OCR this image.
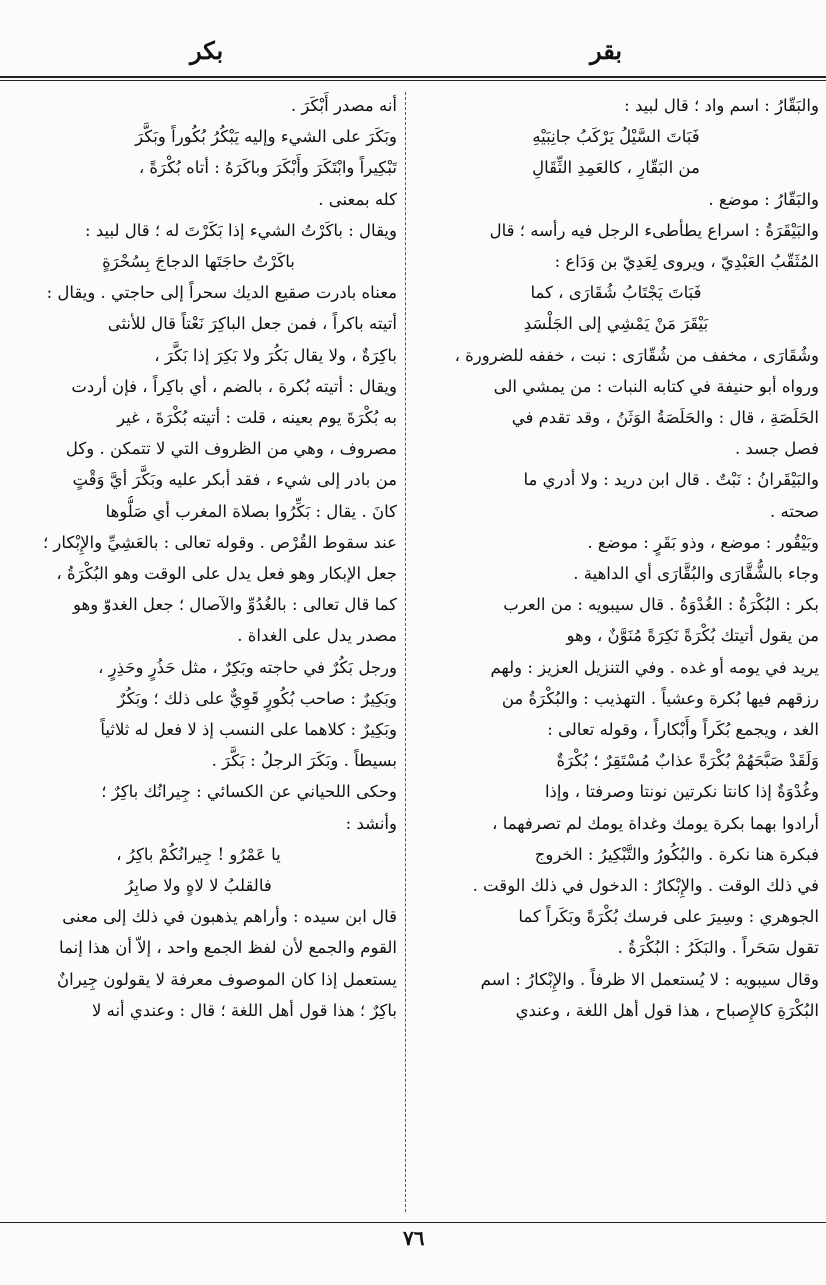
بقر
بكر
والبَقّارُ : اسم واد ؛ قال لبيد :
فَبَاتَ السَّيْلُ يَرْكَبُ جانِبَيْهِ
من البَقّارِ ، كالعَمِدِ الثِّقَالِ
والبَقّارُ : موضع .
والبَيْقَرَةُ : اسراع يطأطىء الرجل فيه رأسه ؛ قال
المُثَقّبُ العَبْدِيّ ، ويروى لِعَدِيّ بن وَدَاع :
فَبَاتَ يَجْتَابُ شُقَارَى ، كما
بَيْقَرَ مَنْ يَمْشِي إلى الجَلْسَدِ
وشُقَارَى ، مخفف من شُقّارَى : نبت ، خففه للضرورة ،
ورواه أبو حنيفة في كتابه النبات : من يمشي الى
الحَلَصَةِ ، قال : والحَلَصَةُ الوَثَنُ ، وقد تقدم في
فصل جسد .
والبَيْقَرانُ : نَبْتٌ . قال ابن دريد : ولا أدري ما
صحته .
وبَيْقُور : موضع ، وذو بَقَرٍ : موضع .
وجاء بالشُّقَّارَى والبُقَّارَى أي الداهية .
بكر : البُكْرَةُ : الغُدْوَةُ . قال سيبويه : من العرب
من يقول أتيتك بُكْرَةً نَكِرَةً مُنَوَّنٌ ، وهو
يريد في يومه أو غده . وفي التنزيل العزيز : ولهم
رزقهم فيها بُكرة وعشياً . التهذيب : والبُكْرَةُ من
الغد ، ويجمع بُكَراً وأَبْكاراً ، وقوله تعالى :
وَلَقَدْ صَبَّحَهُمْ بُكْرَةً عذابٌ مُسْتَقِرٌ ؛ بُكْرَةٌ
وغُدْوَةٌ إذا كانتا نكرتين نونتا وصرفتا ، وإذا
أرادوا بهما بكرة يومك وغداة يومك لم تصرفهما ،
فبكرة هنا نكرة . والبُكُورُ والتَّبْكِيرُ : الخروج
في ذلك الوقت . والإِبْكارُ : الدخول في ذلك الوقت .
الجوهري : وسِيرَ على فرسك بُكْرَةً وبَكَراً كما
تقول سَحَراً . والبَكَرُ : البُكْرَةُ .
وقال سيبويه : لا يُستعمل الا ظرفاً . والإِبْكارُ : اسم
البُكْرَةِ كالإِصباح ، هذا قول أهل اللغة ، وعندي
أنه مصدر أَبْكَرَ .
وبَكَرَ على الشيء وإليه يَبْكُرُ بُكُوراً وبَكَّرَ
تَبْكِيراً وابْتَكَرَ وأَبْكَرَ وباكَرَهُ : أتاه بُكْرَةً ،
كله بمعنى .
ويقال : باكَرْتُ الشيء إذا بَكَرْتَ له ؛ قال لبيد :
باكَرْتُ حاجَتَها الدجاجَ بِسُحْرَةٍ
معناه بادرت صقيع الديك سحراً إلى حاجتي . ويقال :
أتيته باكراً ، فمن جعل الباكِرَ نَعْتاً قال للأنثى
باكِرَةٌ ، ولا يقال بَكُرَ ولا بَكِرَ إذا بَكَّرَ ،
ويقال : أتيته بُكرة ، بالضم ، أي باكِراً ، فإن أردت
به بُكْرَةَ يوم بعينه ، قلت : أتيته بُكْرَةَ ، غير
مصروف ، وهي من الظروف التي لا تتمكن . وكل
من بادر إلى شيء ، فقد أبكر عليه وبَكَّرَ أيَّ وَقْتٍ
كانَ . يقال : بَكِّرُوا بصلاة المغرب أي صَلُّوها
عند سقوط القُرْص . وقوله تعالى : بالعَشِيِّ والإِبْكار ؛
جعل الإبكار وهو فعل يدل على الوقت وهو البُكْرَةُ ،
كما قال تعالى : بالغُدُوِّ والآصال ؛ جعل الغدوّ وهو
مصدر يدل على الغداة .
ورجل بَكُرٌ في حاجته وبَكِرٌ ، مثل حَذُرٍ وحَذِرٍ ،
وبَكِيرٌ : صاحب بُكُورٍ قَوِيٌّ على ذلك ؛ وبَكُرٌ
وبَكِيرٌ : كلاهما على النسب إذ لا فعل له ثلاثياً
بسيطاً . وبَكَرَ الرجلُ : بَكَّرَ .
وحكى اللحياني عن الكسائي : جِيرانُك باكِرٌ ؛
وأنشد :
يا عَمْرُو ! جِيرانُكُمْ باكِرُ ،
فالقلبُ لا لاهٍ ولا صابِرُ
قال ابن سيده : وأراهم يذهبون في ذلك إلى معنى
القوم والجمع لأن لفظ الجمع واحد ، إلاّ أن هذا إنما
يستعمل إذا كان الموصوف معرفة لا يقولون جِيرانٌ
باكِرٌ ؛ هذا قول أهل اللغة ؛ قال : وعندي أنه لا
٧٦
